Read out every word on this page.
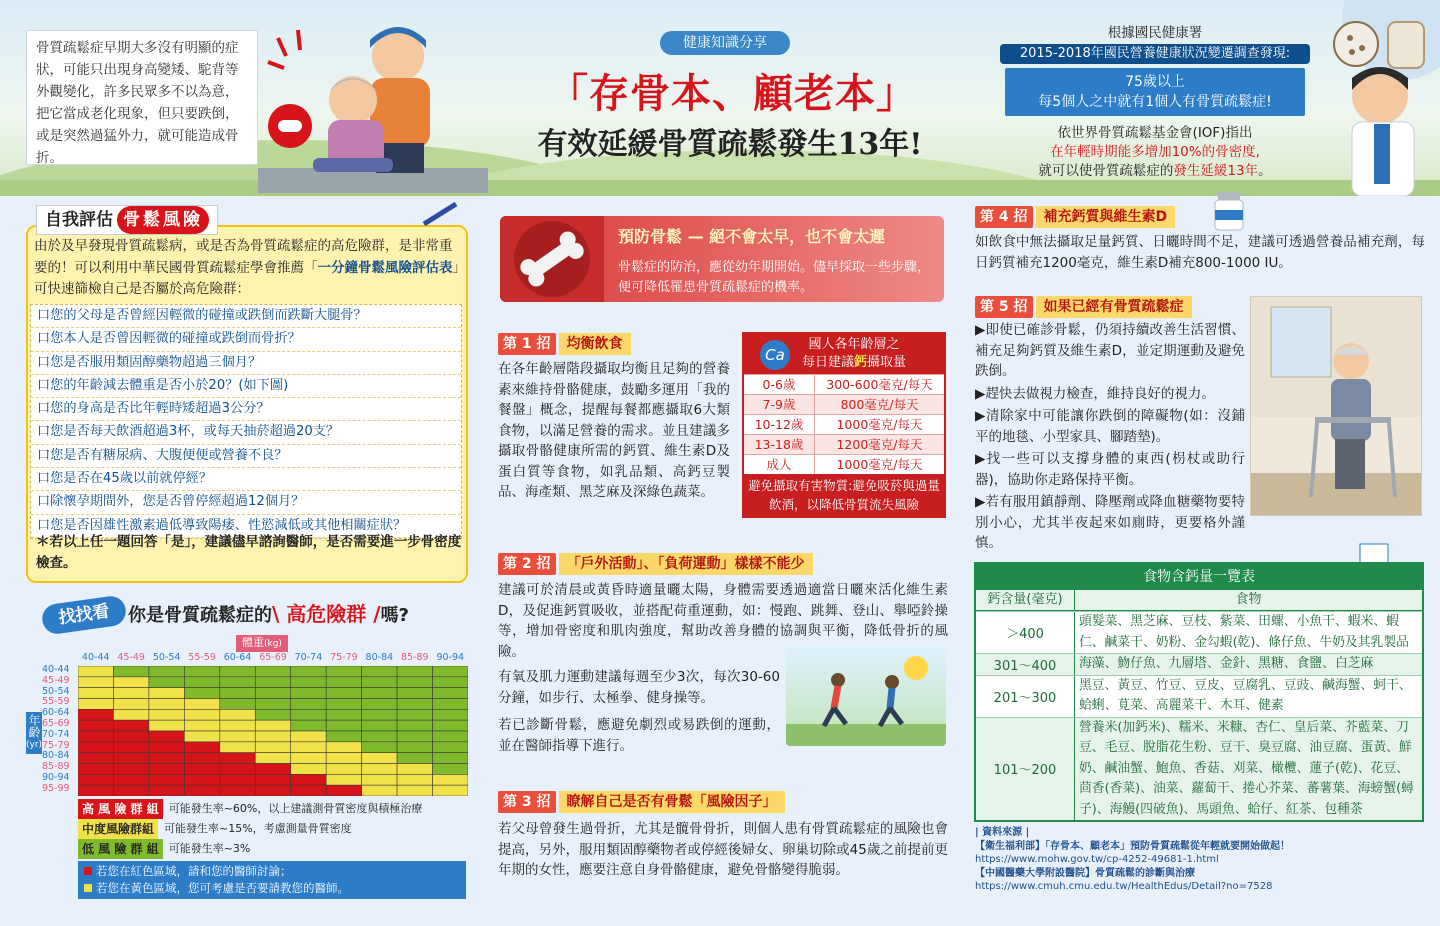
骨質疏鬆症早期大多沒有明顯的症狀，可能只出現身高變矮、駝背等外觀變化，許多民眾多不以為意，把它當成老化現象，但只要跌倒，或是突然過猛外力，就可能造成骨折。
健康知識分享
「存骨本、顧老本」
有效延緩骨質疏鬆發生13年!
根據國民健康署
2015-2018年國民營養健康狀況變遷調查發現:
75歲以上
每5個人之中就有1個人有骨質疏鬆症!
依世界骨質疏鬆基金會(IOF)指出
在年輕時期能多增加10%的骨密度,
就可以使骨質疏鬆症的發生延緩13年。
自我評估 骨鬆風險
由於及早發現骨質疏鬆病，或是否為骨質疏鬆症的高危險群，是非常重要的！可以利用中華民國骨質疏鬆症學會推薦「一分鐘骨鬆風險評估表」可快速篩檢自己是否屬於高危險群：
口您的父母是否曾經因輕微的碰撞或跌倒而跌斷大腿骨？
口您本人是否曾因輕微的碰撞或跌倒而骨折？
口您是否服用類固醇藥物超過三個月？
口您的年齡減去體重是否小於20？(如下圖)
口您的身高是否比年輕時矮超過3公分？
口您是否每天飲酒超過3杯，或每天抽菸超過20支？
口您是否有糖尿病、大腹便便或營養不良？
口您是否在45歲以前就停經？
口除懷孕期間外，您是否曾停經超過12個月？
口您是否因雄性激素過低導致陽痿、性慾減低或其他相關症狀？
＊若以上任一題回答「是」，建議儘早諮詢醫師，是否需要進一步骨密度檢查。
找找看 你是骨質疏鬆症的\ 高危險群 /嗎?
體重(kg)
40-44 45-49 50-54 55-59 60-64 65-69 70-74 75-79 80-84 85-89 90-94
年齡
(yr)
40-44
45-49
50-54
55-59
60-64
65-69
70-74
75-79
80-84
85-89
90-94
95-99
高 風 險 群 組 可能發生率~60%，以上建議測骨質密度與積極治療
中度風險群組 可能發生率~15%，考慮測量骨質密度
低 風 險 群 組 可能發生率~3%
若您在紅色區域，請和您的醫師討論；
若您在黃色區域，您可考慮是否要請教您的醫師。
預防骨鬆 — 絕不會太早，也不會太遲
骨鬆症的防治，應從幼年期開始。儘早採取一些步驟，便可降低罹患骨質疏鬆症的機率。
第 1 招	均衡飲食
在各年齡層階段攝取均衡且足夠的營養素來維持骨骼健康，鼓勵多運用「我的餐盤」概念，提醒每餐都應攝取6大類食物，以滿足營養的需求。並且建議多攝取骨骼健康所需的鈣質、維生素D及蛋白質等食物，如乳品類、高鈣豆製品、海產類、黑芝麻及深綠色蔬菜。
Ca
國人各年齡層之
每日建議鈣攝取量
0-6歲	300-600毫克/每天
7-9歲	800毫克/每天
10-12歲	1000毫克/每天
13-18歲	1200毫克/每天
成人	1000毫克/每天
避免攝取有害物質:避免吸菸與過量飲酒，以降低骨質流失風險
第 2 招	「戶外活動」、「負荷運動」樣樣不能少
建議可於清晨或黃昏時適量曬太陽，身體需要透過適當日曬來活化維生素D，及促進鈣質吸收，並搭配荷重運動，如：慢跑、跳舞、登山、舉啞鈴操等，增加骨密度和肌肉強度，幫助改善身體的協調與平衡，降低骨折的風險。
有氧及肌力運動建議每週至少3次，每次30-60分鐘，如步行、太極拳、健身操等。
若已診斷骨鬆，應避免劇烈或易跌倒的運動，並在醫師指導下進行。
第 3 招	瞭解自己是否有骨鬆「風險因子」
若父母曾發生過骨折，尤其是髖骨骨折，則個人患有骨質疏鬆症的風險也會提高，另外，服用類固醇藥物者或停經後婦女、卵巢切除或45歲之前提前更年期的女性，應要注意自身骨骼健康，避免骨骼變得脆弱。
第 4 招	補充鈣質與維生素D
如飲食中無法攝取足量鈣質、日曬時間不足，建議可透過營養品補充劑，每日鈣質補充1200毫克，維生素D補充800-1000 IU。
第 5 招	如果已經有骨質疏鬆症
▶即使已確診骨鬆，仍須持續改善生活習慣、補充足夠鈣質及維生素D，並定期運動及避免跌倒。
▶趕快去做視力檢查，維持良好的視力。
▶清除家中可能讓你跌倒的障礙物(如：沒鋪平的地毯、小型家具、腳踏墊)。
▶找一些可以支撐身體的東西(枴杖或助行器)，協助你走路保持平衡。
▶若有服用鎮靜劑、降壓劑或降血糖藥物要特別小心，尤其半夜起來如廁時，更要格外謹慎。
食物含鈣量一覽表
鈣含量(毫克)	食物
＞400
頭髮菜、黑芝麻、豆枝、紫菜、田螺、小魚干、蝦米、蝦仁、鹹菜干、奶粉、金勾蝦(乾)、條仔魚、牛奶及其乳製品
301～400	海藻、魩仔魚、九層塔、金針、黑糖、食鹽、白芝麻
201～300
黑豆、黃豆、竹豆、豆皮、豆腐乳、豆豉、鹹海蟹、蚵干、蛤蜊、莧菜、高麗菜干、木耳、健素
101～200
營養米(加鈣米)、糯米、米糠、杏仁、皇后菜、芥藍菜、刀豆、毛豆、脫脂花生粉、豆干、臭豆腐、油豆腐、蛋黃、鮮奶、鹹油蟹、鮑魚、香菇、刈菜、橄欖、蓮子(乾)、花豆、茴香(香菜)、油菜、蘿蔔干、捲心芥菜、蕃薯葉、海螃蟹(蟳子)、海鰻(四破魚)、馬頭魚、蛤仔、紅茶、包種茶
| 資料來源 |
【衛生福利部】「存骨本、顧老本」預防骨質疏鬆從年輕就要開始做起！
https://www.mohw.gov.tw/cp-4252-49681-1.html
【中國醫藥大學附設醫院】骨質疏鬆的診斷與治療
https://www.cmuh.cmu.edu.tw/HealthEdus/Detail?no=7528
